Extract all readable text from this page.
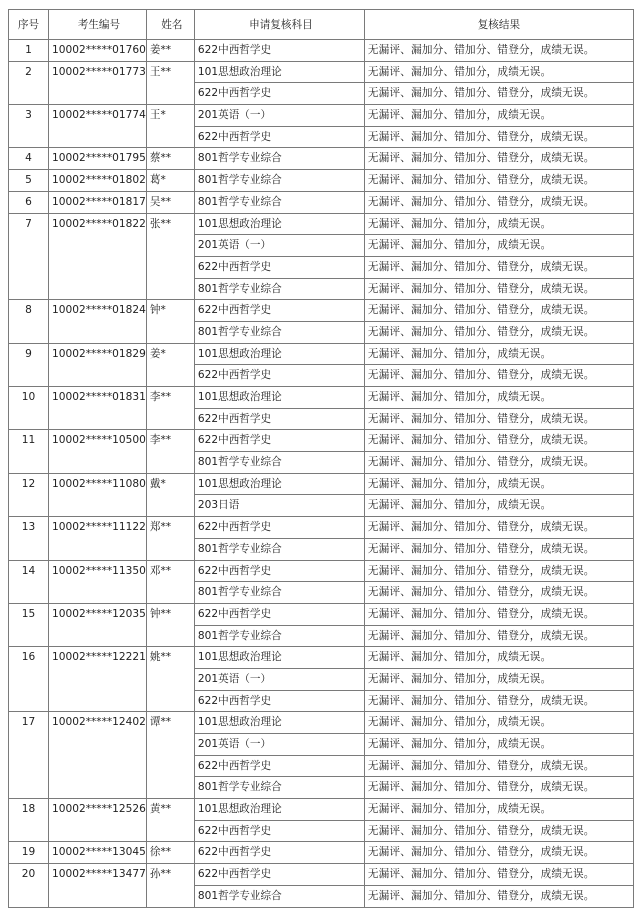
序号	考生编号	姓名	申请复核科目	复核结果
1	10002*****01760	姜**	622中西哲学史	无漏评、漏加分、错加分、错登分，成绩无误。
2	10002*****01773	王**	101思想政治理论	无漏评、漏加分、错加分，成绩无误。
			622中西哲学史	无漏评、漏加分、错加分、错登分，成绩无误。
3	10002*****01774	王*	201英语（一）	无漏评、漏加分、错加分，成绩无误。
			622中西哲学史	无漏评、漏加分、错加分、错登分，成绩无误。
4	10002*****01795	蔡**	801哲学专业综合	无漏评、漏加分、错加分、错登分，成绩无误。
5	10002*****01802	葛*	801哲学专业综合	无漏评、漏加分、错加分、错登分，成绩无误。
6	10002*****01817	吴**	801哲学专业综合	无漏评、漏加分、错加分、错登分，成绩无误。
7	10002*****01822	张**	101思想政治理论	无漏评、漏加分、错加分，成绩无误。
			201英语（一）	无漏评、漏加分、错加分，成绩无误。
			622中西哲学史	无漏评、漏加分、错加分、错登分，成绩无误。
			801哲学专业综合	无漏评、漏加分、错加分、错登分，成绩无误。
8	10002*****01824	钟*	622中西哲学史	无漏评、漏加分、错加分、错登分，成绩无误。
			801哲学专业综合	无漏评、漏加分、错加分、错登分，成绩无误。
9	10002*****01829	姜*	101思想政治理论	无漏评、漏加分、错加分，成绩无误。
			622中西哲学史	无漏评、漏加分、错加分、错登分，成绩无误。
10	10002*****01831	李**	101思想政治理论	无漏评、漏加分、错加分，成绩无误。
			622中西哲学史	无漏评、漏加分、错加分、错登分，成绩无误。
11	10002*****10500	李**	622中西哲学史	无漏评、漏加分、错加分、错登分，成绩无误。
			801哲学专业综合	无漏评、漏加分、错加分、错登分，成绩无误。
12	10002*****11080	戴*	101思想政治理论	无漏评、漏加分、错加分，成绩无误。
			203日语	无漏评、漏加分、错加分，成绩无误。
13	10002*****11122	郑**	622中西哲学史	无漏评、漏加分、错加分、错登分，成绩无误。
			801哲学专业综合	无漏评、漏加分、错加分、错登分，成绩无误。
14	10002*****11350	邓**	622中西哲学史	无漏评、漏加分、错加分、错登分，成绩无误。
			801哲学专业综合	无漏评、漏加分、错加分、错登分，成绩无误。
15	10002*****12035	钟**	622中西哲学史	无漏评、漏加分、错加分、错登分，成绩无误。
			801哲学专业综合	无漏评、漏加分、错加分、错登分，成绩无误。
16	10002*****12221	姚**	101思想政治理论	无漏评、漏加分、错加分，成绩无误。
			201英语（一）	无漏评、漏加分、错加分，成绩无误。
			622中西哲学史	无漏评、漏加分、错加分、错登分，成绩无误。
17	10002*****12402	谭**	101思想政治理论	无漏评、漏加分、错加分，成绩无误。
			201英语（一）	无漏评、漏加分、错加分，成绩无误。
			622中西哲学史	无漏评、漏加分、错加分、错登分，成绩无误。
			801哲学专业综合	无漏评、漏加分、错加分、错登分，成绩无误。
18	10002*****12526	黄**	101思想政治理论	无漏评、漏加分、错加分，成绩无误。
			622中西哲学史	无漏评、漏加分、错加分、错登分，成绩无误。
19	10002*****13045	徐**	622中西哲学史	无漏评、漏加分、错加分、错登分，成绩无误。
20	10002*****13477	孙**	622中西哲学史	无漏评、漏加分、错加分、错登分，成绩无误。
			801哲学专业综合	无漏评、漏加分、错加分、错登分，成绩无误。
